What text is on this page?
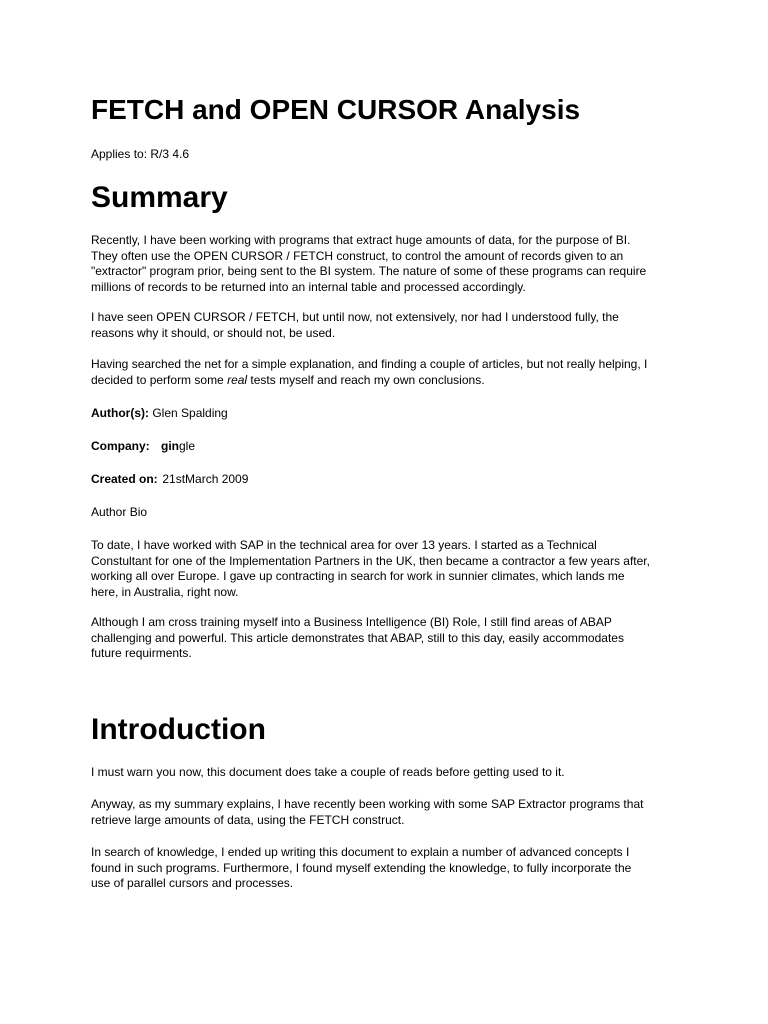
FETCH and OPEN CURSOR Analysis
Applies to: R/3 4.6
Summary

Recently, I have been working with programs that extract huge amounts of data, for the purpose of BI.
They often use the OPEN CURSOR / FETCH construct, to control the amount of records given to an
"extractor" program prior, being sent to the BI system. The nature of some of these programs can require
millions of records to be returned into an internal table and processed accordingly.

I have seen OPEN CURSOR / FETCH, but until now, not extensively, nor had I understood fully, the
reasons why it should, or should not, be used.

Having searched the net for a simple explanation, and finding a couple of articles, but not really helping, I
decided to perform some real tests myself and reach my own conclusions.

Author(s): Glen Spalding
Company: gingle
Created on: 21stMarch 2009
Author Bio

To date, I have worked with SAP in the technical area for over 13 years. I started as a Technical
Constultant for one of the Implementation Partners in the UK, then became a contractor a few years after,
working all over Europe. I gave up contracting in search for work in sunnier climates, which lands me
here, in Australia, right now.

Although I am cross training myself into a Business Intelligence (BI) Role, I still find areas of ABAP
challenging and powerful. This article demonstrates that ABAP, still to this day, easily accommodates
future requirments.

Introduction

I must warn you now, this document does take a couple of reads before getting used to it.

Anyway, as my summary explains, I have recently been working with some SAP Extractor programs that
retrieve large amounts of data, using the FETCH construct.

In search of knowledge, I ended up writing this document to explain a number of advanced concepts I
found in such programs. Furthermore, I found myself extending the knowledge, to fully incorporate the
use of parallel cursors and processes.
